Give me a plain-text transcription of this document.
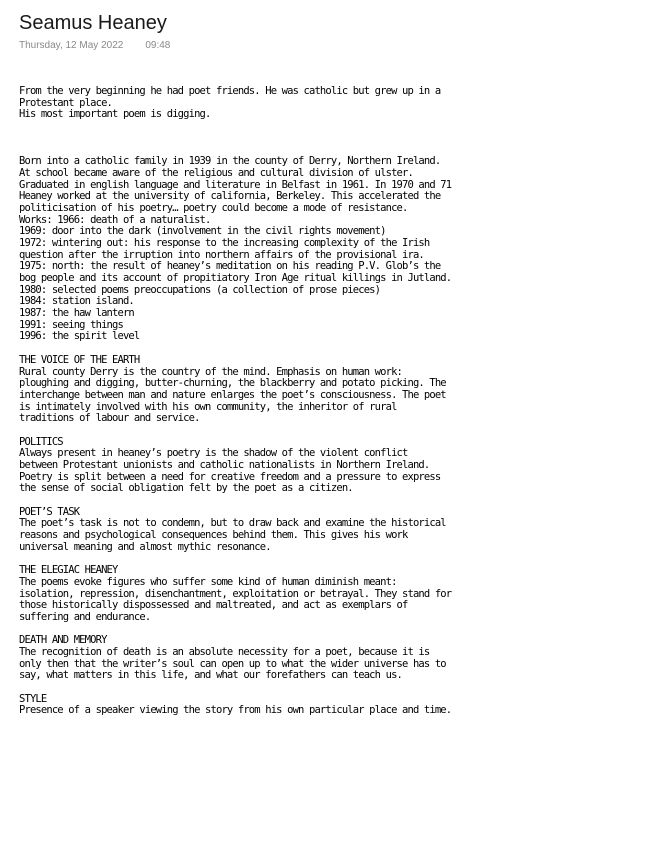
Seamus Heaney
Thursday, 12 May 2022 09:48
From the very beginning he had poet friends. He was catholic but grew up in a
Protestant place.
His most important poem is digging.
Born into a catholic family in 1939 in the county of Derry, Northern Ireland.
At school became aware of the religious and cultural division of ulster.
Graduated in english language and literature in Belfast in 1961. In 1970 and 71
Heaney worked at the university of california, Berkeley. This accelerated the
politicisation of his poetry… poetry could become a mode of resistance.
Works: 1966: death of a naturalist.
1969: door into the dark (involvement in the civil rights movement)
1972: wintering out: his response to the increasing complexity of the Irish
question after the irruption into northern affairs of the provisional ira.
1975: north: the result of heaney’s meditation on his reading P.V. Glob’s the
bog people and its account of propitiatory Iron Age ritual killings in Jutland.
1980: selected poems preoccupations (a collection of prose pieces)
1984: station island.
1987: the haw lantern
1991: seeing things
1996: the spirit level
THE VOICE OF THE EARTH
Rural county Derry is the country of the mind. Emphasis on human work:
ploughing and digging, butter-churning, the blackberry and potato picking. The
interchange between man and nature enlarges the poet’s consciousness. The poet
is intimately involved with his own community, the inheritor of rural
traditions of labour and service.
POLITICS
Always present in heaney’s poetry is the shadow of the violent conflict
between Protestant unionists and catholic nationalists in Northern Ireland.
Poetry is split between a need for creative freedom and a pressure to express
the sense of social obligation felt by the poet as a citizen.
POET’S TASK
The poet’s task is not to condemn, but to draw back and examine the historical
reasons and psychological consequences behind them. This gives his work
universal meaning and almost mythic resonance.
THE ELEGIAC HEANEY
The poems evoke figures who suffer some kind of human diminish meant:
isolation, repression, disenchantment, exploitation or betrayal. They stand for
those historically dispossessed and maltreated, and act as exemplars of
suffering and endurance.
DEATH AND MEMORY
The recognition of death is an absolute necessity for a poet, because it is
only then that the writer’s soul can open up to what the wider universe has to
say, what matters in this life, and what our forefathers can teach us.
STYLE
Presence of a speaker viewing the story from his own particular place and time.
